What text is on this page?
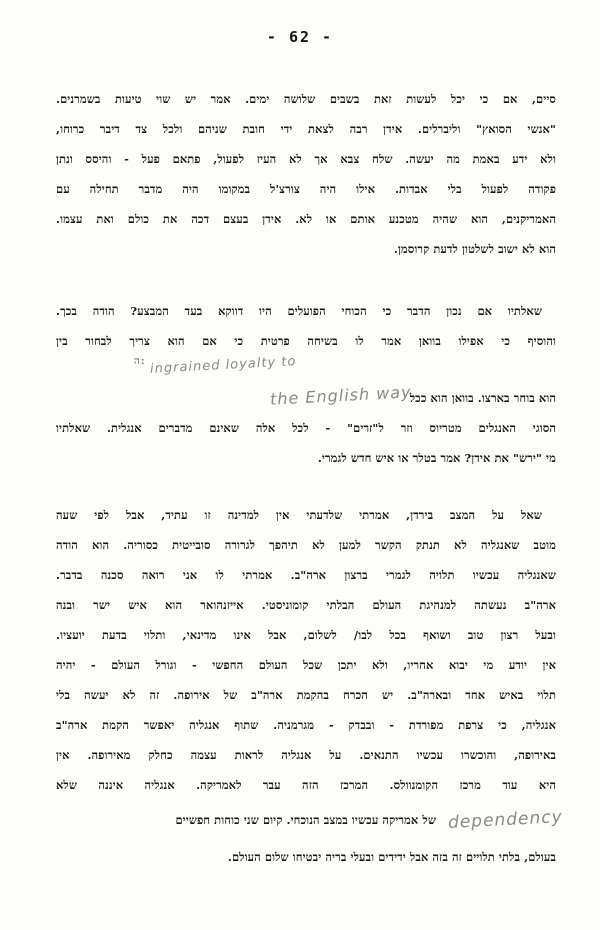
- 62 -
סיים, אם כי יכל לעשות זאת בשבים שלושה ימים. אמר יש שוי טיעות בשמרנים.
"אנשי הסואץ" וליברלים. אידן רבה לצאת ידי חובת שניהם ולכל צד דיבר כרוחו,
ולא ידע באמת מה יעשה. שלח צבא אך לא העיז לפעול, פתאם פעל - והיסס ונתן
פקודה לפעול בלי אבדות. אילו היה צורצ'ל במקומו היה מדבר תחילה עם
האמריקנים, הוא שהיה מטכנע אותם או לא. אידן בעצם דכה את כולם ואת עצמו.
הוא לא ישוב לשלטון לדעת קרוסמן.
שאלתיו אם נכון הדבר כי הכוחי הפועלים היו דווקא בעד המבצע? הודה בכך.
והוסיף כי אפילו בוואן אמר לו בשיחה פרטית כי אם הוא צריך לבחור בין
ה: ingrained loyalty to
the English way
הוא בוחר בארצו. בוואן הוא ככל
הסוגי האנגלים מטריוס וזר ל"זרים" - לכל אלה שאינם מדברים אנגלית. שאלתיו
מי "ירש" את אידן? אמר בטלר או איש חדש לגמרי.
שאל על המצב בירדן, אמרתי שלדעתי אין למדינה זו עתיד, אבל לפי שעה
מוטב שאנגליה לא תנתק הקשר למען לא תיהפך לגרורה סובייטית כסוריה. הוא הודה
שאנגליה עכשיו תלויה לגמרי ברצון ארה"ב. אמרתי לו אני רואה סכנה בדבר.
ארה"ב נעשתה למנהיגת העולם הבלתי קומוניסטי. אייזנהואר הוא איש ישר ובנה
ובעל רצון טוב ושואף בכל לבו/ לשלום, אבל אינו מדינאי, ותלוי בדעת יועציו.
אין יודע מי יבוא אחריו, ולא יתכן שכל העולם החפשי - וגורל העולם - יהיה
תלוי באיש אחד ובארה"ב. יש הכרח בהקמת ארה"ב של אירופה. זה לא יעשה בלי
אנגליה, כי צרפת מפורדת - ובבדק - מגרמניה. שתוף אנגליה יאפשר הקמת ארה"ב
באירופה, והוכשרו עכשיו התנאים. על אנגליה לראות עצמה כחלק מאירופה. אין
היא עוד מרכז הקומנוולס. המרכז הזה עבר לאמריקה. אנגליה איננה שלא
של אמריקה עכשיו במצב הנוכחי. קיום שני כוחות חפשיים dependency
בעולם, בלתי תלויים זה בזה אבל ידידים ובעלי בריה יבטיחו שלום העולם.
